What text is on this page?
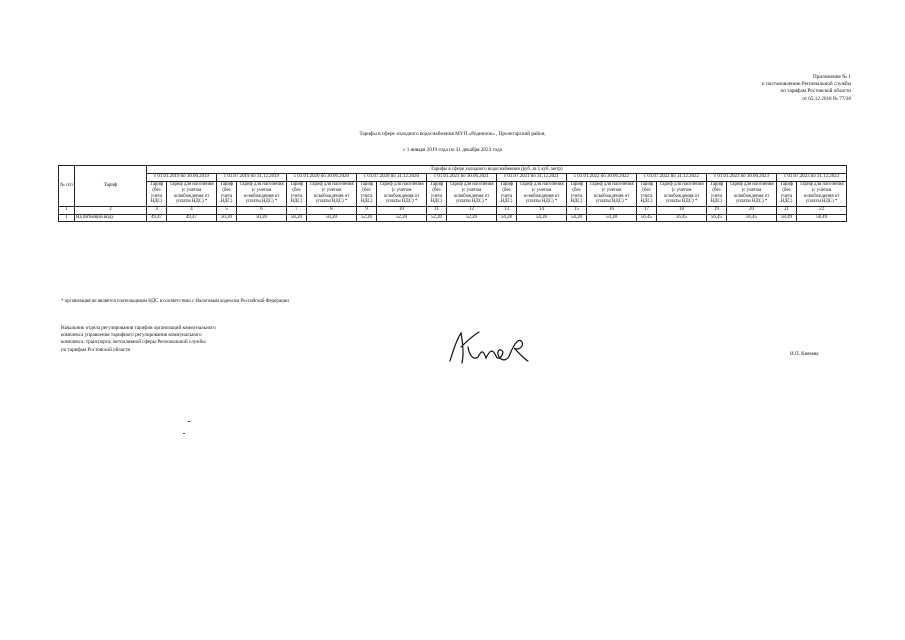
Приложение № 1
к постановлению Региональной службы
по тарифам Ростовской области
от 05.12.2018 № 77/38
Тарифы в сфере холодного водоснабжения МУП «Родничок» , Пролетарский район,
с 1 января 2019 года по 31 декабря 2023 года
№ п/п	Тариф	Тарифы в сфере холодного водоснабжения (руб. за 1 куб. метр)																			
		с 01.01.2019 по 30.06.2019		с 01.07.2019 по 31.12.2019		с 01.01.2020 по 30.06.2020		с 01.07.2020 по 31.12.2020		с 01.01.2021 по 30.06.2021		с 01.07.2021 по 31.12.2021		с 01.01.2022 по 30.06.2022		с 01.07.2022 по 31.12.2022		с 01.01.2023 по 30.06.2023		с 01.07.2023 по 31.12.2023	
		Тариф (без учета НДС)	Тариф для населения (с учетом освобождения от уплаты НДС) *	Тариф (без учета НДС)	Тариф для населения (с учетом освобождения от уплаты НДС) *	Тариф (без учета НДС)	Тариф для населения (с учетом освобождения от уплаты НДС) *	Тариф (без учета НДС)	Тариф для населения (с учетом освобождения от уплаты НДС) *	Тариф (без учета НДС)	Тариф для населения (с учетом освобождения от уплаты НДС) *	Тариф (без учета НДС)	Тариф для населения (с учетом освобождения от уплаты НДС) *	Тариф (без учета НДС)	Тариф для населения (с учетом освобождения от уплаты НДС) *	Тариф (без учета НДС)	Тариф для населения (с учетом освобождения от уплаты НДС) *	Тариф (без учета НДС)	Тариф для населения (с учетом освобождения от уплаты НДС) *	Тариф (без учета НДС)	Тариф для населения (с учетом освобождения от уплаты НДС) *
1	2	3	4	5	6	7	8	9	10	11	12	13	14	15	16	17	18	19	20	21	22
1	На питьевую воду	49,47	49,47	50,20	50,20	50,20	50,20	52,20	52,20	52,20	52,20	54,28	54,28	54,28	54,28	56,45	56,45	56,45	56,45	58,49	58,49
* организация не является плательщиком НДС в соответствии с Налоговым кодексом Российской Федерации
Начальник отдела регулирования тарифов организаций коммунального
комплекса управления тарифного регулирования коммунального
комплекса, транспорта, нетопливной сферы Региональной службы
по тарифам Ростовской области
И.П. Князева
